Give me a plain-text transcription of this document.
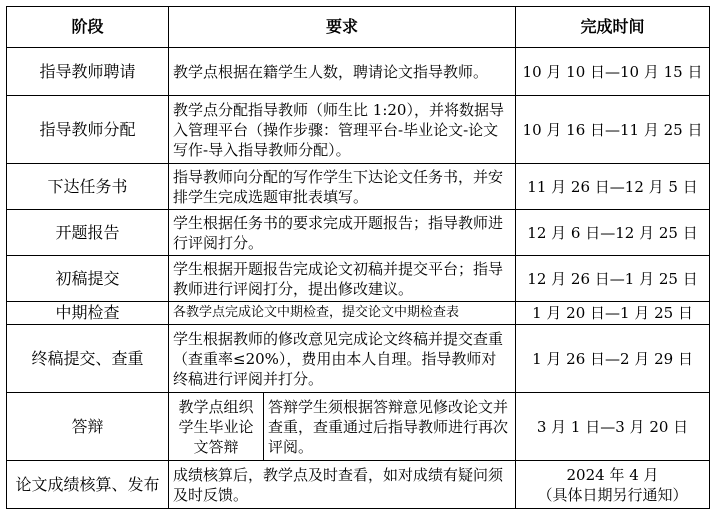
阶段	要求		完成时间
指导教师聘请	教学点根据在籍学生人数，聘请论文指导教师。		10 月 10 日—10 月 15 日
指导教师分配	教学点分配指导教师（师生比 1:20），并将数据导入管理平台（操作步骤：管理平台-毕业论文-论文写作-导入指导教师分配）。		10 月 16 日—11 月 25 日
下达任务书	指导教师向分配的写作学生下达论文任务书，并安排学生完成选题审批表填写。		11 月 26 日—12 月 5 日
开题报告	学生根据任务书的要求完成开题报告；指导教师进行评阅打分。		12 月 6 日—12 月 25 日
初稿提交	学生根据开题报告完成论文初稿并提交平台；指导教师进行评阅打分，提出修改建议。		12 月 26 日—1 月 25 日
中期检查	各教学点完成论文中期检查，提交论文中期检查表		1 月 20 日—1 月 25 日
终稿提交、查重	学生根据教师的修改意见完成论文终稿并提交查重（查重率≤20%），费用由本人自理。指导教师对终稿进行评阅并打分。		1 月 26 日—2 月 29 日
答辩	教学点组织学生毕业论文答辩	答辩学生须根据答辩意见修改论文并查重，查重通过后指导教师进行再次评阅。	3 月 1 日—3 月 20 日
论文成绩核算、发布	成绩核算后，教学点及时查看，如对成绩有疑问须及时反馈。		2024 年 4 月
（具体日期另行通知）
